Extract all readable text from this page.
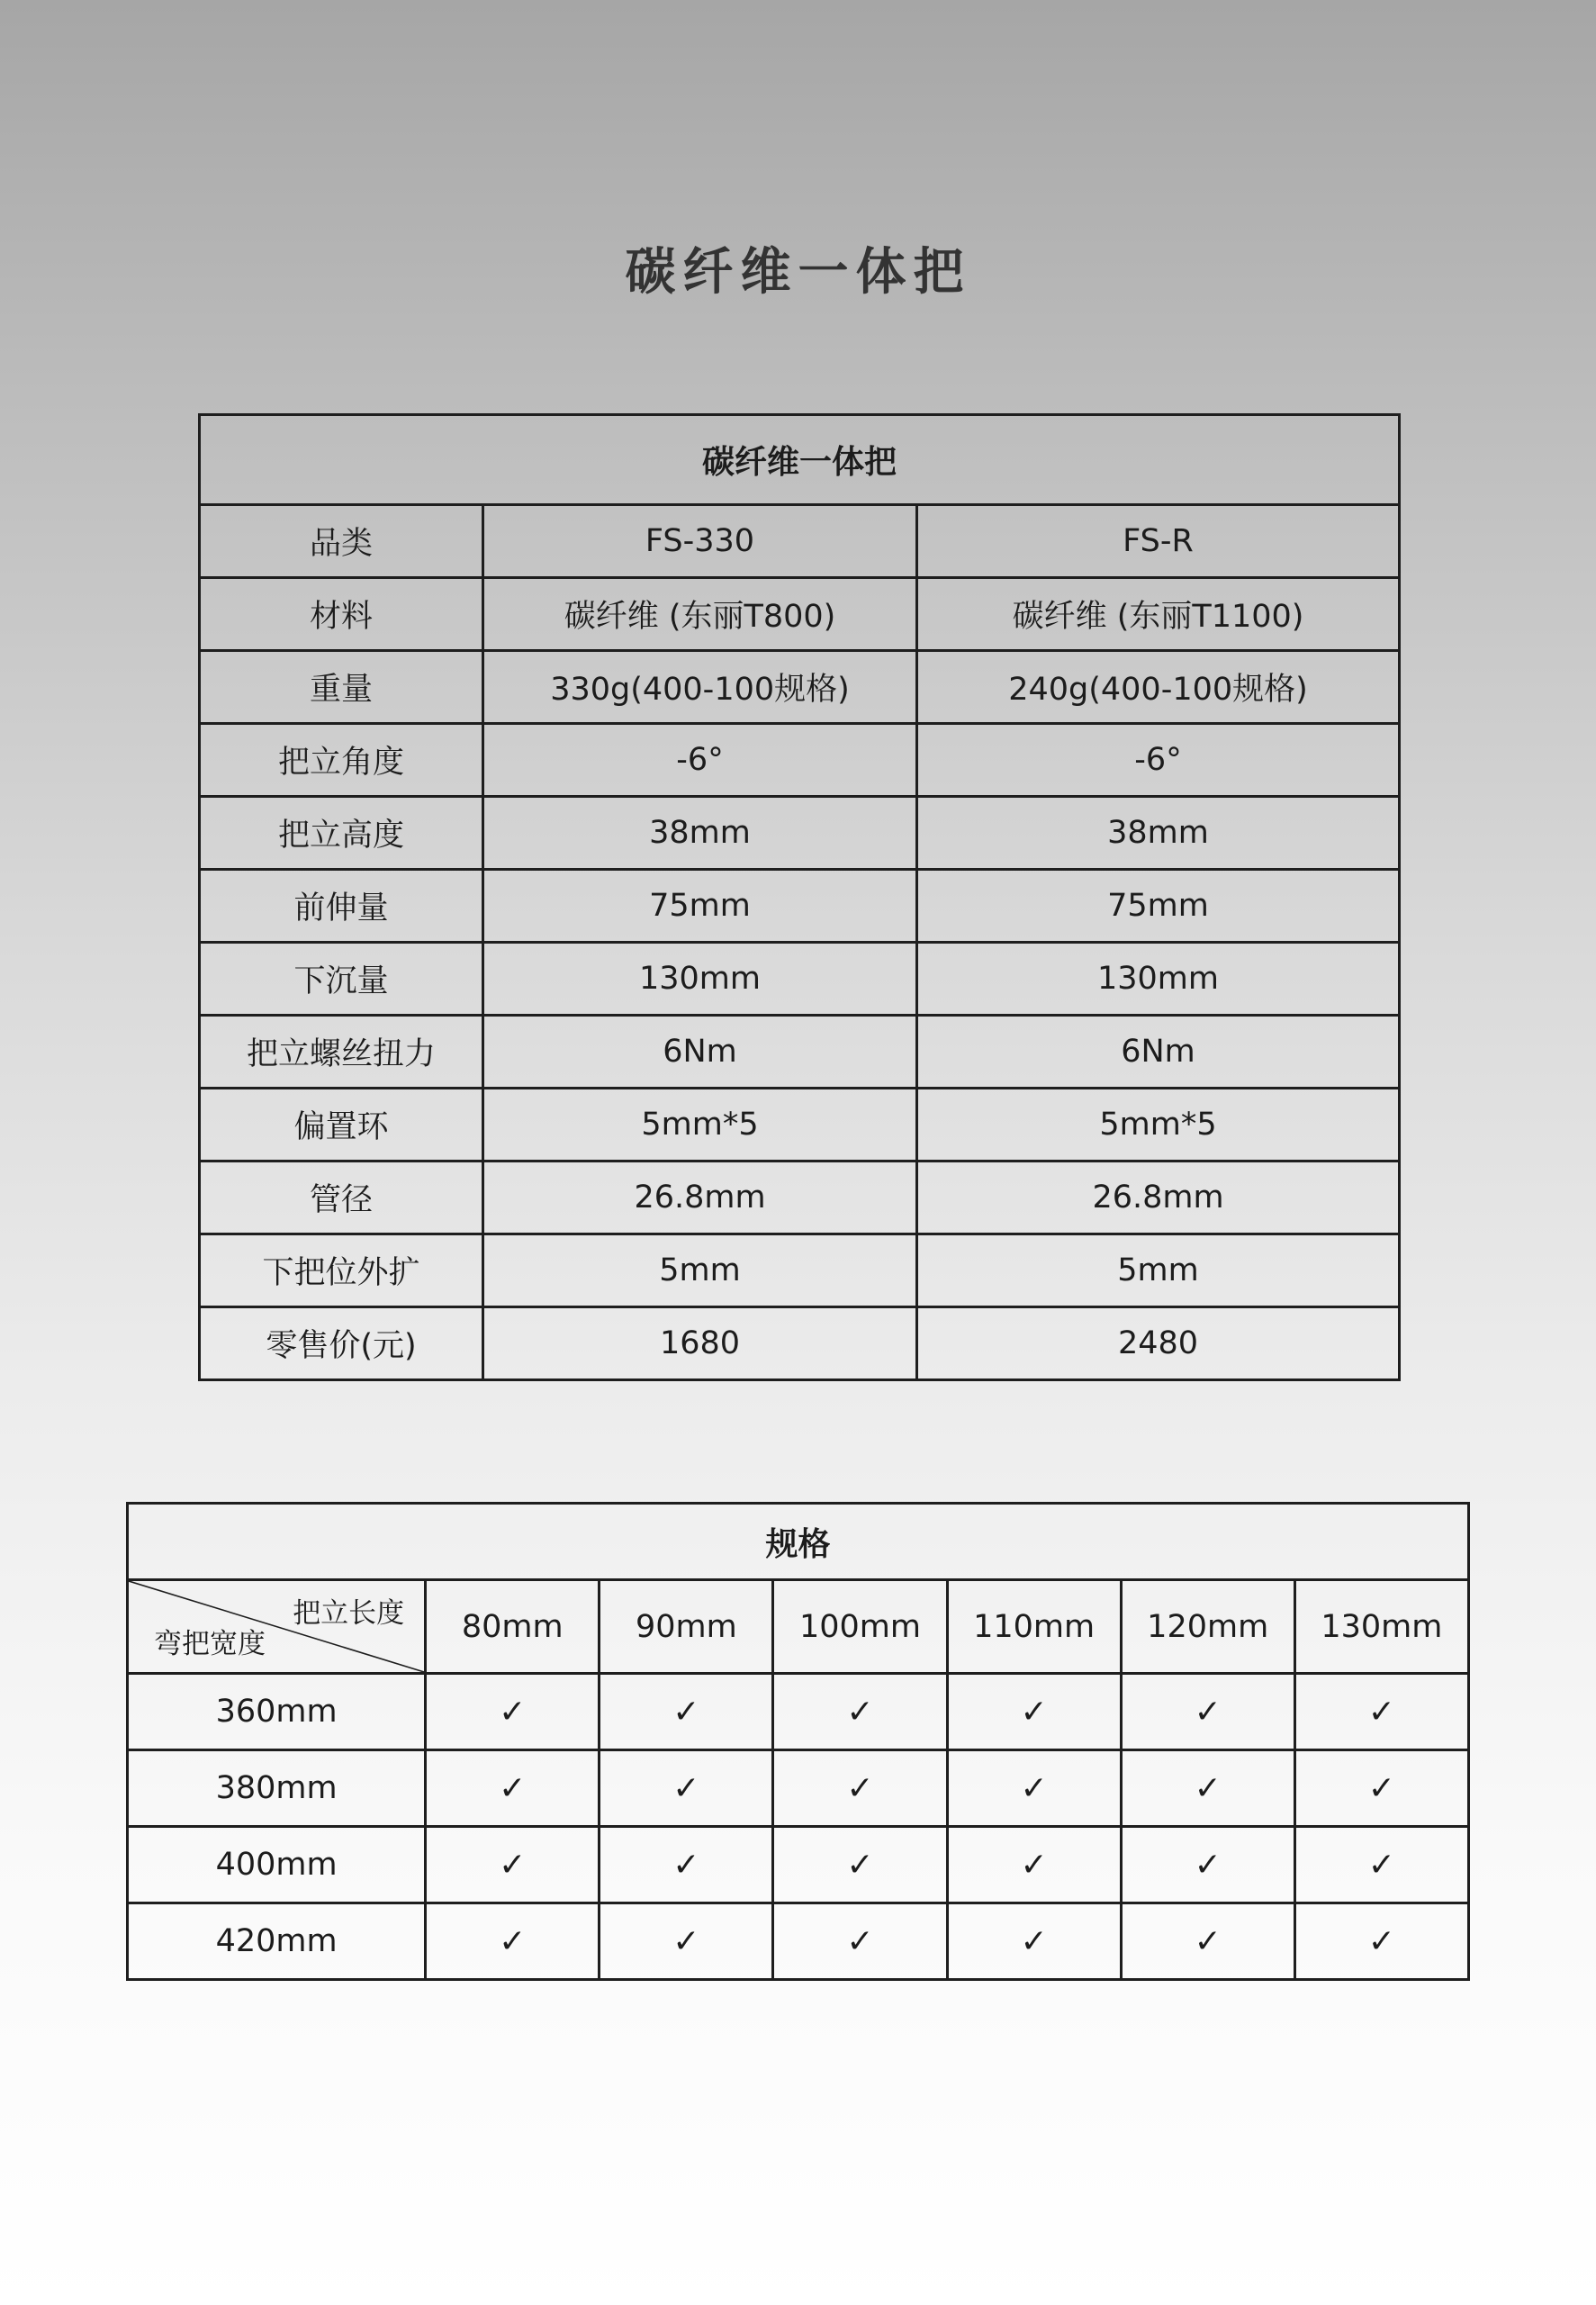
碳纤维一体把
碳纤维一体把		
品类	FS-330	FS-R
材料	碳纤维 (东丽T800)	碳纤维 (东丽T1100)
重量	330g(400-100规格)	240g(400-100规格)
把立角度	-6°	-6°
把立高度	38mm	38mm
前伸量	75mm	75mm
下沉量	130mm	130mm
把立螺丝扭力	6Nm	6Nm
偏置环	5mm*5	5mm*5
管径	26.8mm	26.8mm
下把位外扩	5mm	5mm
零售价(元)	1680	2480
规格						

把立长度
弯把宽度	80mm	90mm	100mm	110mm	120mm	130mm
360mm	✓	✓	✓	✓	✓	✓
380mm	✓	✓	✓	✓	✓	✓
400mm	✓	✓	✓	✓	✓	✓
420mm	✓	✓	✓	✓	✓	✓
